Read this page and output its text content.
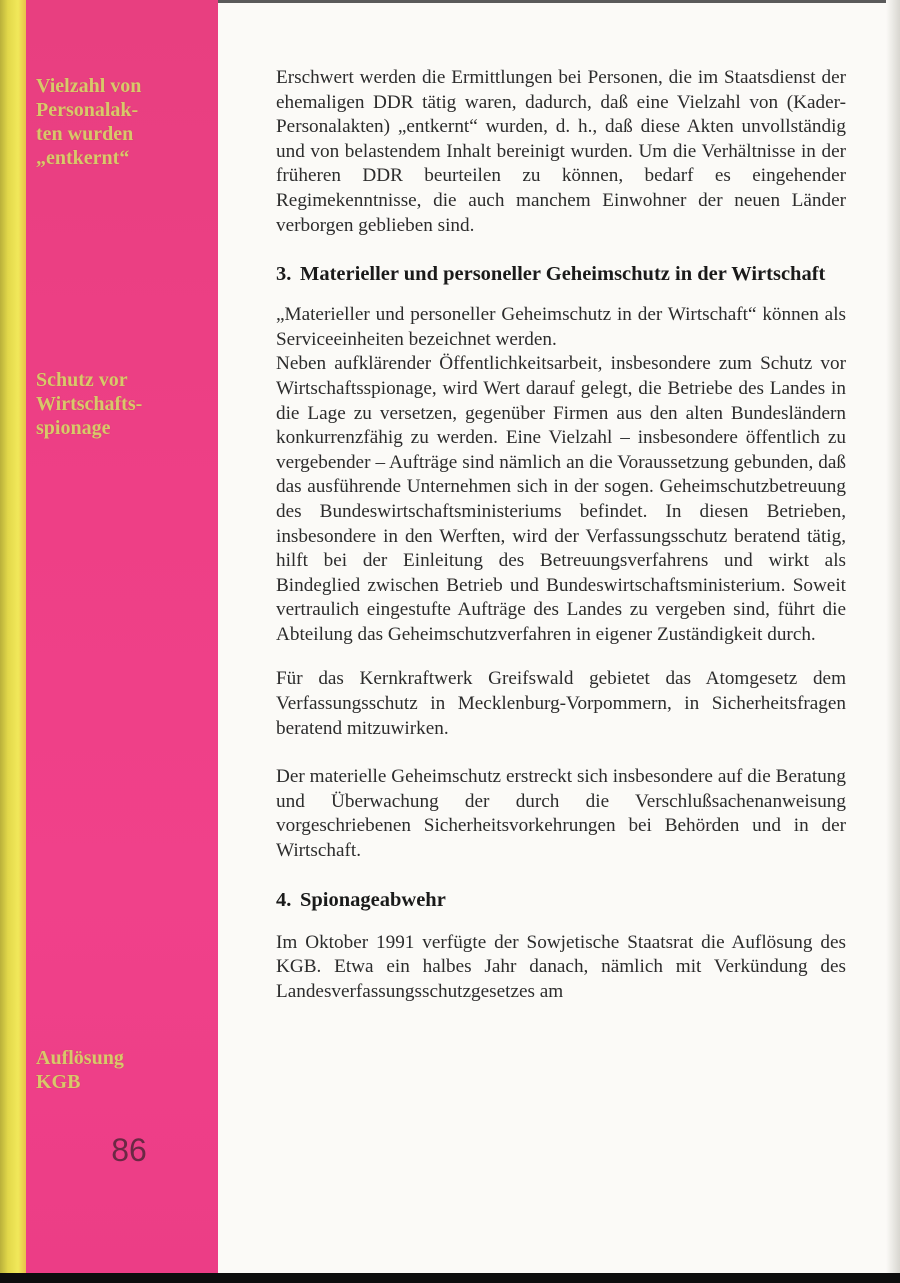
Vielzahl von
Personalak-
ten wurden
„entkernt“
Schutz vor
Wirtschafts-
spionage
Auflösung
KGB
86

Erschwert werden die Ermittlungen bei Personen, die im Staatsdienst der ehemaligen DDR tätig waren, dadurch, daß eine Vielzahl von (Kader-Personalakten) „entkernt“ wurden, d. h., daß diese Akten unvollständig und von belastendem Inhalt bereinigt wurden. Um die Verhältnisse in der früheren DDR beurteilen zu können, bedarf es eingehender Regimekenntnisse, die auch manchem Einwohner der neuen Länder verborgen geblieben sind.

3. Materieller und personeller Geheimschutz in der Wirtschaft

„Materieller und personeller Geheimschutz in der Wirtschaft“ können als Serviceeinheiten bezeichnet werden.

Neben aufklärender Öffentlichkeitsarbeit, insbesondere zum Schutz vor Wirtschaftsspionage, wird Wert darauf gelegt, die Betriebe des Landes in die Lage zu versetzen, gegenüber Firmen aus den alten Bundesländern konkurrenzfähig zu werden. Eine Vielzahl – insbesondere öffentlich zu vergebender – Aufträge sind nämlich an die Voraussetzung gebunden, daß das ausführende Unternehmen sich in der sogen. Geheimschutzbetreuung des Bundeswirtschaftsministeriums befindet. In diesen Betrieben, insbesondere in den Werften, wird der Verfassungsschutz beratend tätig, hilft bei der Einleitung des Betreuungsverfahrens und wirkt als Bindeglied zwischen Betrieb und Bundeswirtschaftsministerium. Soweit vertraulich eingestufte Aufträge des Landes zu vergeben sind, führt die Abteilung das Geheimschutzverfahren in eigener Zuständigkeit durch.

Für das Kernkraftwerk Greifswald gebietet das Atomgesetz dem Verfassungsschutz in Mecklenburg-Vorpommern, in Sicherheitsfragen beratend mitzuwirken.

Der materielle Geheimschutz erstreckt sich insbesondere auf die Beratung und Überwachung der durch die Verschlußsachenanweisung vorgeschriebenen Sicherheitsvorkehrungen bei Behörden und in der Wirtschaft.

4. Spionageabwehr

Im Oktober 1991 verfügte der Sowjetische Staatsrat die Auflösung des KGB. Etwa ein halbes Jahr danach, nämlich mit Verkündung des Landesverfassungsschutzgesetzes am
